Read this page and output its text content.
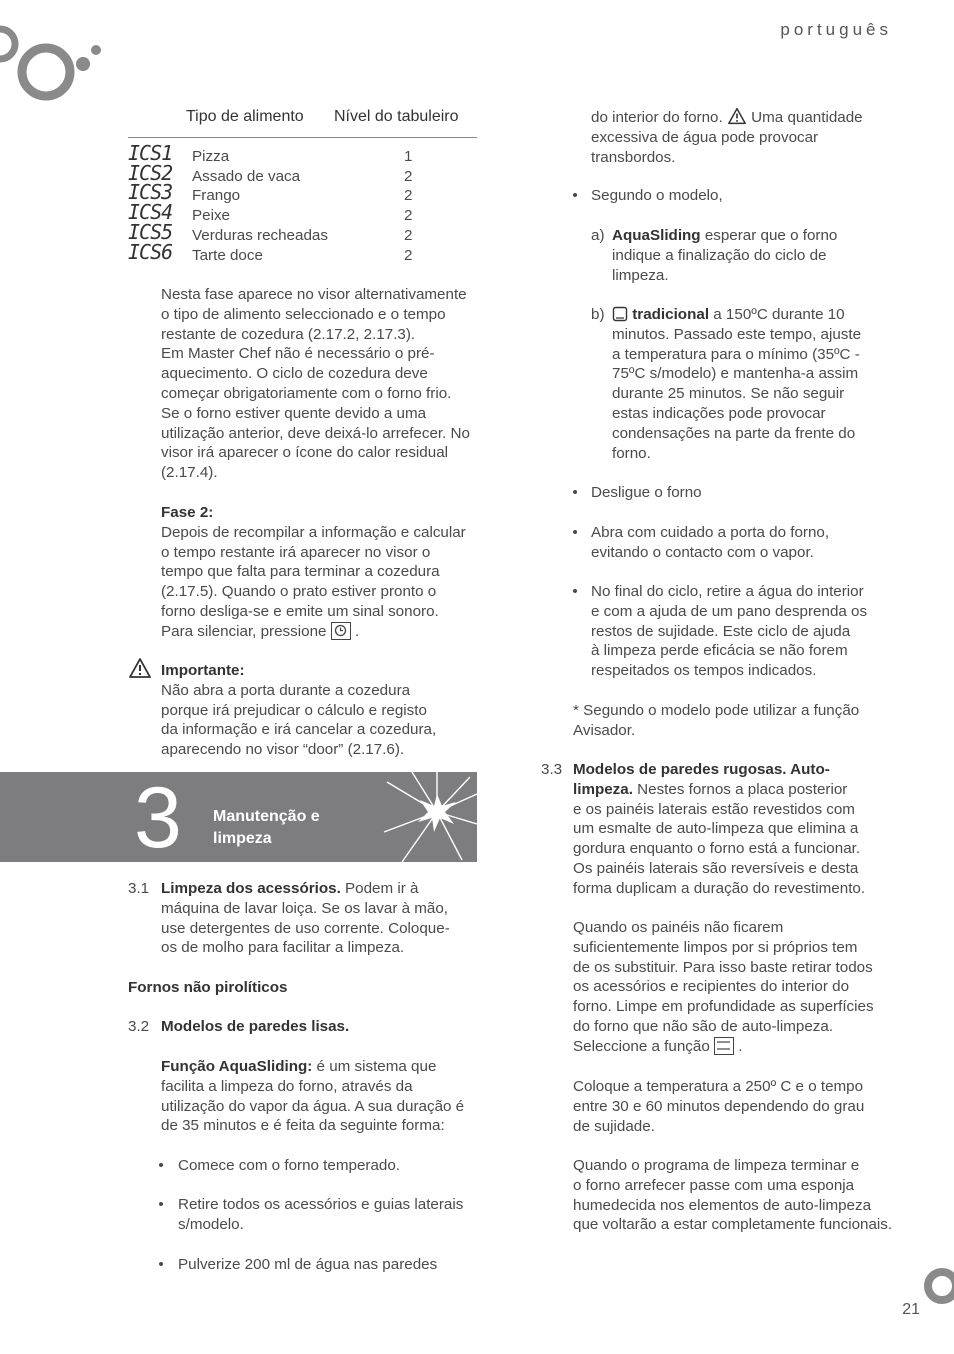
português
Tipo de alimento Nível do tabuleiro
ICS1 Pizza	1
ICS2 Assado de vaca	2
ICS3 Frango	2
ICS4 Peixe	2
ICS5 Verduras recheadas	2
ICS6 Tarte doce	2
Nesta fase aparece no visor alternativamente
o tipo de alimento seleccionado e o tempo
restante de cozedura (2.17.2, 2.17.3).
Em Master Chef não é necessário o pré-
aquecimento. O ciclo de cozedura deve
começar obrigatoriamente com o forno frio.
Se o forno estiver quente devido a uma
utilização anterior, deve deixá-lo arrefecer. No
visor irá aparecer o ícone do calor residual
(2.17.4).
Fase 2:
Depois de recompilar a informação e calcular
o tempo restante irá aparecer no visor o
tempo que falta para terminar a cozedura
(2.17.5). Quando o prato estiver pronto o
forno desliga-se e emite um sinal sonoro.
Para silenciar, pressione .
Importante:
Não abra a porta durante a cozedura
porque irá prejudicar o cálculo e registo
da informação e irá cancelar a cozedura,
aparecendo no visor “door” (2.17.6).
3 Manutenção e
limpeza
3.1 Limpeza dos acessórios. Podem ir à
máquina de lavar loiça. Se os lavar à mão,
use detergentes de uso corrente. Coloque-
os de molho para facilitar a limpeza.
Fornos não pirolíticos
3.2 Modelos de paredes lisas.
Função AquaSliding: é um sistema que
facilita a limpeza do forno, através da
utilização do vapor da água. A sua duração é
de 35 minutos e é feita da seguinte forma:
• Comece com o forno temperado.
• Retire todos os acessórios e guias laterais
s/modelo.
• Pulverize 200 ml de água nas paredes
do interior do forno.  Uma quantidade
excessiva de água pode provocar
transbordos.
• Segundo o modelo,
a) AquaSliding esperar que o forno
indique a finalização do ciclo de
limpeza.
b)	tradicional a 150ºC durante 10
minutos. Passado este tempo, ajuste
a temperatura para o mínimo (35ºC -
75ºC s/modelo) e mantenha-a assim
durante 25 minutos. Se não seguir
estas indicações pode provocar
condensações na parte da frente do
forno.
• Desligue o forno
• Abra com cuidado a porta do forno,
evitando o contacto com o vapor.
• No final do ciclo, retire a água do interior
e com a ajuda de um pano desprenda os
restos de sujidade. Este ciclo de ajuda
à limpeza perde eficácia se não forem
respeitados os tempos indicados.
* Segundo o modelo pode utilizar a função
Avisador.
3.3 Modelos de paredes rugosas. Auto-
limpeza. Nestes fornos a placa posterior
e os painéis laterais estão revestidos com
um esmalte de auto-limpeza que elimina a
gordura enquanto o forno está a funcionar.
Os painéis laterais são reversíveis e desta
forma duplicam a duração do revestimento.
Quando os painéis não ficarem
suficientemente limpos por si próprios tem
de os substituir. Para isso baste retirar todos
os acessórios e recipientes do interior do
forno. Limpe em profundidade as superfícies
do forno que não são de auto-limpeza.
Seleccione a função .
Coloque a temperatura a 250º C e o tempo
entre 30 e 60 minutos dependendo do grau
de sujidade.
Quando o programa de limpeza terminar e
o forno arrefecer passe com uma esponja
humedecida nos elementos de auto-limpeza
que voltarão a estar completamente funcionais.
21
